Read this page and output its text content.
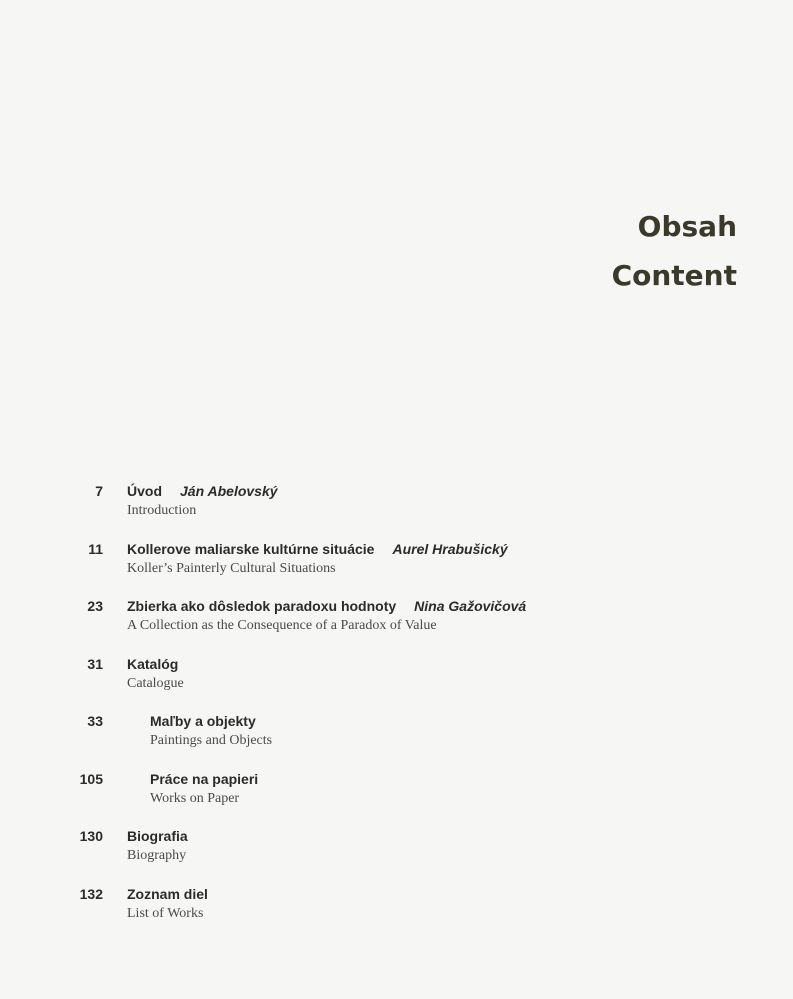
Obsah
Content
7 Úvod Ján Abelovský
Introduction
11 Kollerove maliarske kultúrne situácie Aurel Hrabušický
Koller’s Painterly Cultural Situations
23 Zbierka ako dôsledok paradoxu hodnoty Nina Gažovičová
A Collection as the Consequence of a Paradox of Value
31 Katalóg
Catalogue
33	Maľby a objekty
Paintings and Objects
105	Práce na papieri
Works on Paper
130 Biografia
Biography
132 Zoznam diel
List of Works
